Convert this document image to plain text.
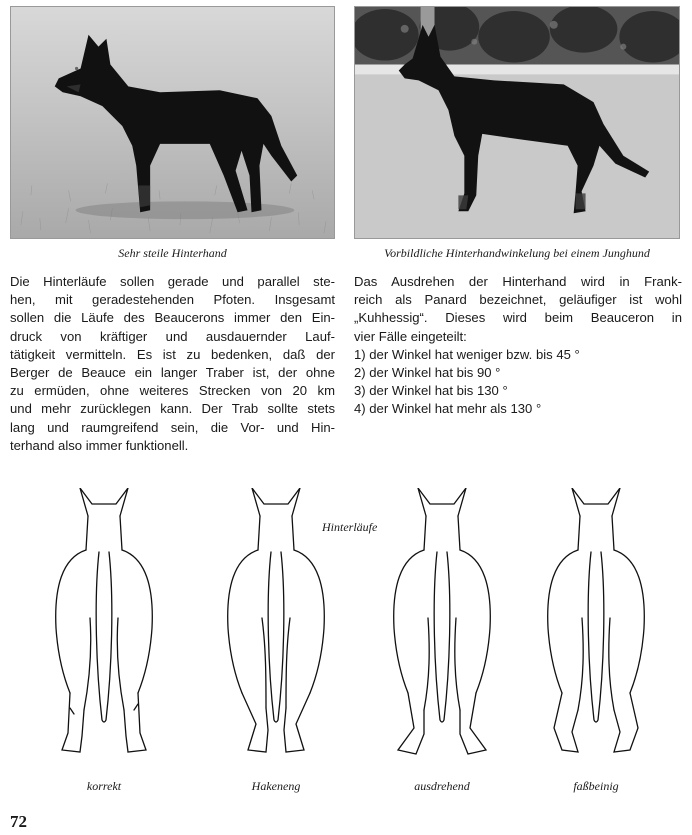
Sehr steile Hinterhand	Vorbildliche Hinterhandwinkelung bei einem Junghund
Die Hinterläufe sollen gerade und parallel ste-
hen, mit geradestehenden Pfoten. Insgesamt
sollen die Läufe des Beaucerons immer den Ein-
druck von kräftiger und ausdauernder Lauf-
tätigkeit vermitteln. Es ist zu bedenken, daß der
Berger de Beauce ein langer Traber ist, der ohne
zu ermüden, ohne weiteres Strecken von 20 km
und mehr zurücklegen kann. Der Trab sollte stets
lang und raumgreifend sein, die Vor- und Hin-
terhand also immer funktionell.
Das Ausdrehen der Hinterhand wird in Frank-
reich als Panard bezeichnet, geläufiger ist wohl
„Kuhhessig“. Dieses wird beim Beauceron in
vier Fälle eingeteilt:
1) der Winkel hat weniger bzw. bis 45 °
2) der Winkel hat bis 90 °
3) der Winkel hat bis 130 °
4) der Winkel hat mehr als 130 °
Hinterläufe
korrekt	Hakeneng	ausdrehend	faßbeinig
72
